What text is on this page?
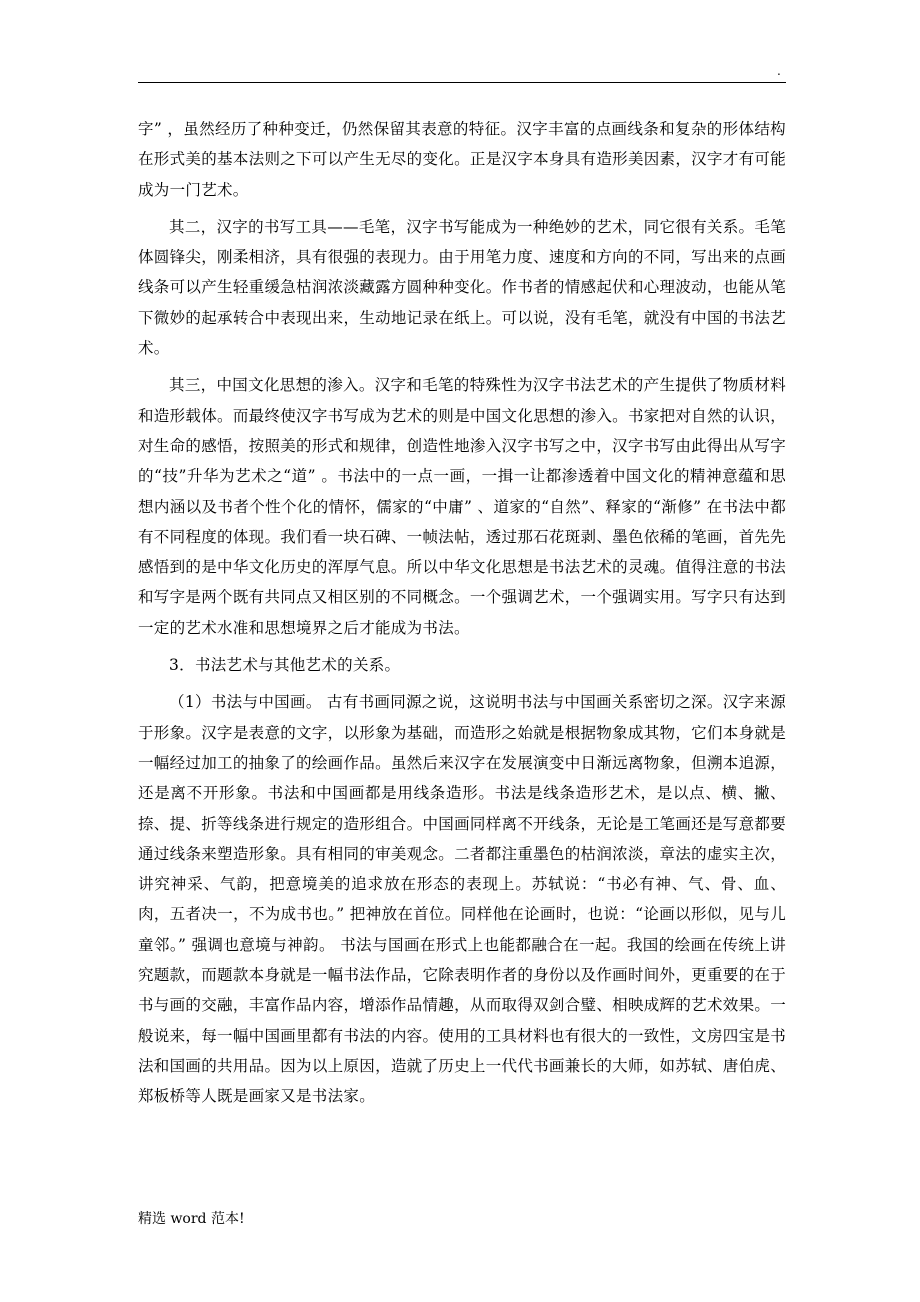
.

字” ，虽然经历了种种变迁，仍然保留其表意的特征。汉字丰富的点画线条和复杂的形体结构在形式美的基本法则之下可以产生无尽的变化。正是汉字本身具有造形美因素，汉字才有可能成为一门艺术。

其二，汉字的书写工具——毛笔，汉字书写能成为一种绝妙的艺术，同它很有关系。毛笔体圆锋尖，刚柔相济，具有很强的表现力。由于用笔力度、速度和方向的不同，写出来的点画线条可以产生轻重缓急枯润浓淡藏露方圆种种变化。作书者的情感起伏和心理波动，也能从笔下微妙的起承转合中表现出来，生动地记录在纸上。可以说，没有毛笔，就没有中国的书法艺术。

其三，中国文化思想的渗入。汉字和毛笔的特殊性为汉字书法艺术的产生提供了物质材料和造形载体。而最终使汉字书写成为艺术的则是中国文化思想的渗入。书家把对自然的认识，对生命的感悟，按照美的形式和规律，创造性地渗入汉字书写之中，汉字书写由此得出从写字的“技”升华为艺术之“道” 。书法中的一点一画，一揖一让都渗透着中国文化的精神意蕴和思想内涵以及书者个性个化的情怀，儒家的“中庸” 、道家的“自然”、释家的“渐修” 在书法中都有不同程度的体现。我们看一块石碑、一帧法帖，透过那石花斑剥、墨色依稀的笔画，首先先感悟到的是中华文化历史的浑厚气息。所以中华文化思想是书法艺术的灵魂。值得注意的书法和写字是两个既有共同点又相区别的不同概念。一个强调艺术，一个强调实用。写字只有达到一定的艺术水准和思想境界之后才能成为书法。

3．书法艺术与其他艺术的关系。

（1）书法与中国画。 古有书画同源之说，这说明书法与中国画关系密切之深。汉字来源于形象。汉字是表意的文字，以形象为基础，而造形之始就是根据物象成其物，它们本身就是一幅经过加工的抽象了的绘画作品。虽然后来汉字在发展演变中日渐远离物象，但溯本追源，还是离不开形象。书法和中国画都是用线条造形。书法是线条造形艺术，是以点、横、撇、捺、提、折等线条进行规定的造形组合。中国画同样离不开线条，无论是工笔画还是写意都要通过线条来塑造形象。具有相同的审美观念。二者都注重墨色的枯润浓淡，章法的虚实主次，讲究神采、气韵，把意境美的追求放在形态的表现上。苏轼说：“书必有神、气、骨、血、肉，五者决一，不为成书也。” 把神放在首位。同样他在论画时，也说：“论画以形似，见与儿童邻。” 强调也意境与神韵。 书法与国画在形式上也能都融合在一起。我国的绘画在传统上讲究题款，而题款本身就是一幅书法作品，它除表明作者的身份以及作画时间外，更重要的在于书与画的交融，丰富作品内容，增添作品情趣，从而取得双剑合璧、相映成辉的艺术效果。一般说来，每一幅中国画里都有书法的内容。使用的工具材料也有很大的一致性，文房四宝是书法和国画的共用品。因为以上原因，造就了历史上一代代书画兼长的大师，如苏轼、唐伯虎、郑板桥等人既是画家又是书法家。

精选 word 范本!
